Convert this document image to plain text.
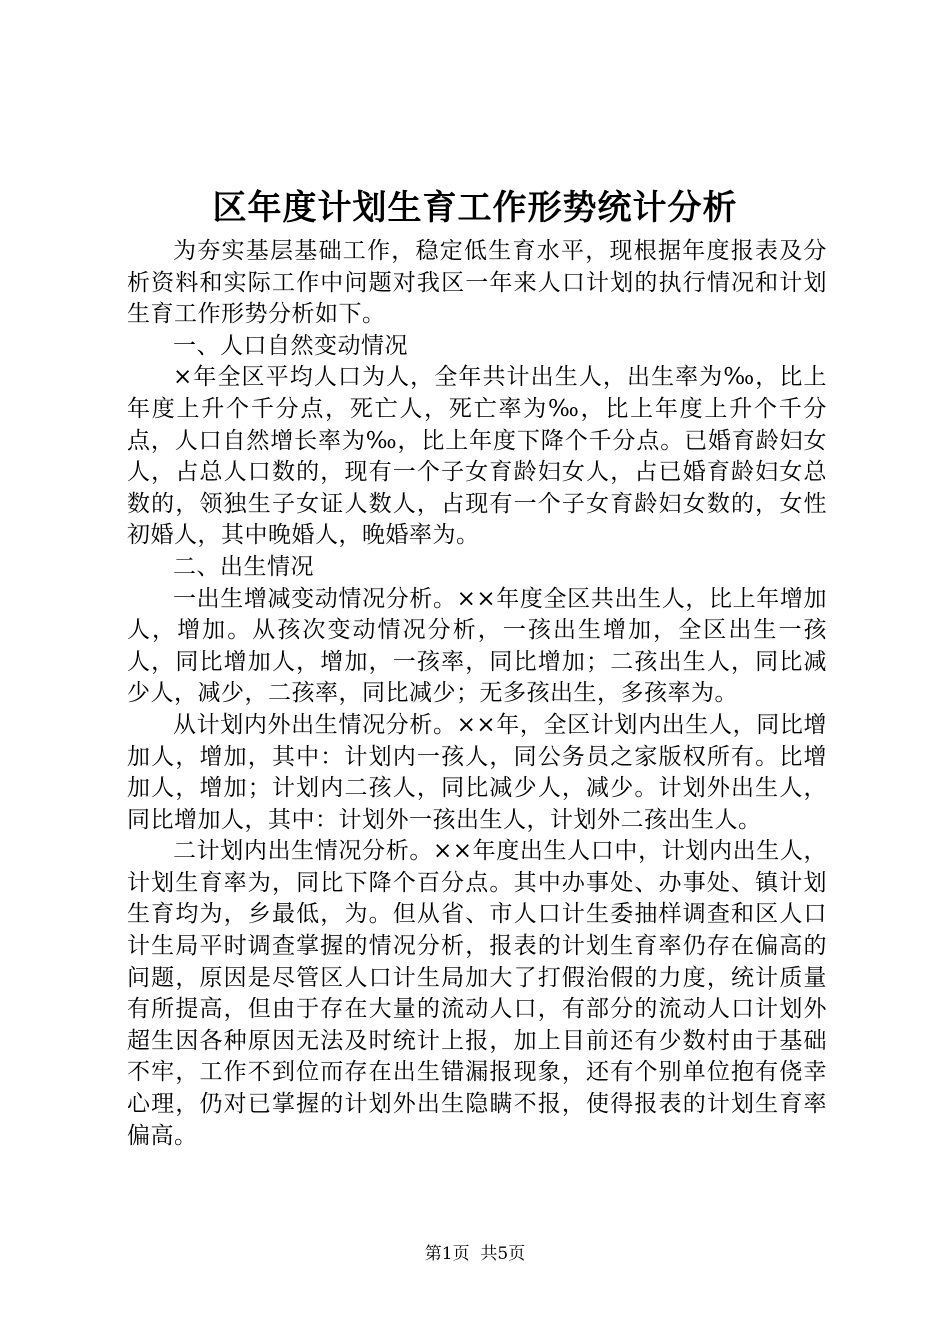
区年度计划生育工作形势统计分析

为夯实基层基础工作，稳定低生育水平，现根据年度报表及分析资料和实际工作中问题对我区一年来人口计划的执行情况和计划生育工作形势分析如下。

一、人口自然变动情况

×年全区平均人口为人，全年共计出生人，出生率为‰，比上年度上升个千分点，死亡人，死亡率为‰，比上年度上升个千分点，人口自然增长率为‰，比上年度下降个千分点。已婚育龄妇女人，占总人口数的，现有一个子女育龄妇女人，占已婚育龄妇女总数的，领独生子女证人数人，占现有一个子女育龄妇女数的，女性初婚人，其中晚婚人，晚婚率为。

二、出生情况

一出生增减变动情况分析。××年度全区共出生人，比上年增加人，增加。从孩次变动情况分析，一孩出生增加，全区出生一孩人，同比增加人，增加，一孩率，同比增加；二孩出生人，同比减少人，减少，二孩率，同比减少；无多孩出生，多孩率为。

从计划内外出生情况分析。××年，全区计划内出生人，同比增加人，增加，其中：计划内一孩人，同公务员之家版权所有。比增加人，增加；计划内二孩人，同比减少人，减少。计划外出生人，同比增加人，其中：计划外一孩出生人，计划外二孩出生人。

二计划内出生情况分析。××年度出生人口中，计划内出生人，计划生育率为，同比下降个百分点。其中办事处、办事处、镇计划生育均为，乡最低，为。但从省、市人口计生委抽样调查和区人口计生局平时调查掌握的情况分析，报表的计划生育率仍存在偏高的问题，原因是尽管区人口计生局加大了打假治假的力度，统计质量有所提高，但由于存在大量的流动人口，有部分的流动人口计划外超生因各种原因无法及时统计上报，加上目前还有少数村由于基础不牢，工作不到位而存在出生错漏报现象，还有个别单位抱有侥幸心理，仍对已掌握的计划外出生隐瞒不报，使得报表的计划生育率偏高。

第1页 共5页
